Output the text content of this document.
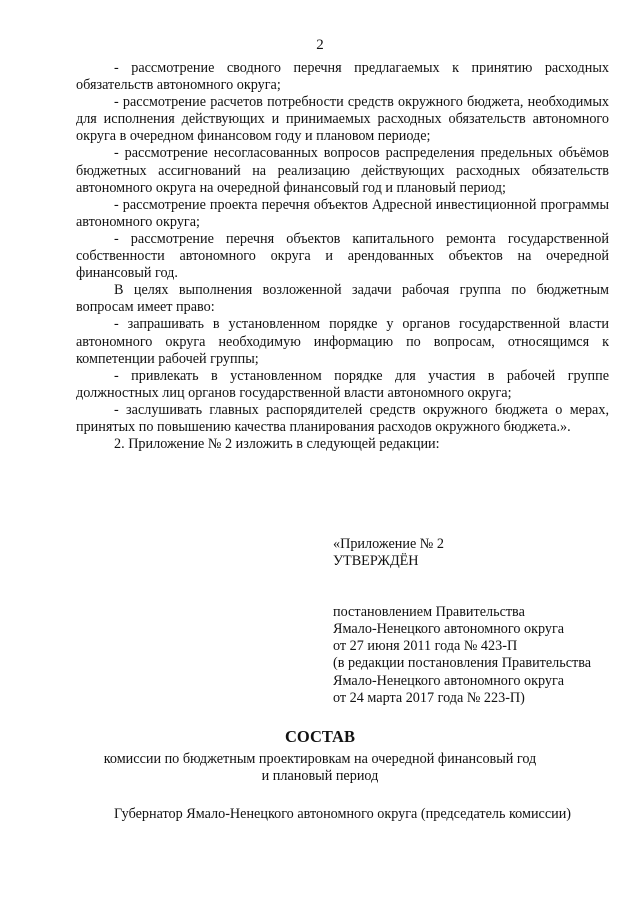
2

- рассмотрение сводного перечня предлагаемых к принятию расходных обязательств автономного округа;

- рассмотрение расчетов потребности средств окружного бюджета, необходимых для исполнения действующих и принимаемых расходных обязательств автономного округа в очередном финансовом году и плановом периоде;

- рассмотрение несогласованных вопросов распределения предельных объёмов бюджетных ассигнований на реализацию действующих расходных обязательств автономного округа на очередной финансовый год и плановый период;

- рассмотрение проекта перечня объектов Адресной инвестиционной программы автономного округа;

- рассмотрение перечня объектов капитального ремонта государственной собственности автономного округа и арендованных объектов на очередной финансовый год.

В целях выполнения возложенной задачи рабочая группа по бюджетным вопросам имеет право:

- запрашивать в установленном порядке у органов государственной власти автономного округа необходимую информацию по вопросам, относящимся к компетенции рабочей группы;

- привлекать в установленном порядке для участия в рабочей группе должностных лиц органов государственной власти автономного округа;

- заслушивать главных распорядителей средств окружного бюджета о мерах, принятых по повышению качества планирования расходов окружного бюджета.».

2. Приложение № 2 изложить в следующей редакции:

«Приложение № 2
УТВЕРЖДЁН
постановлением Правительства
Ямало-Ненецкого автономного округа
от 27 июня 2011 года № 423-П
(в редакции постановления Правительства
Ямало-Ненецкого автономного округа
от 24 марта 2017 года № 223-П)
СОСТАВ
комиссии по бюджетным проектировкам на очередной финансовый год
и плановый период
Губернатор Ямало-Ненецкого автономного округа (председатель комиссии)
